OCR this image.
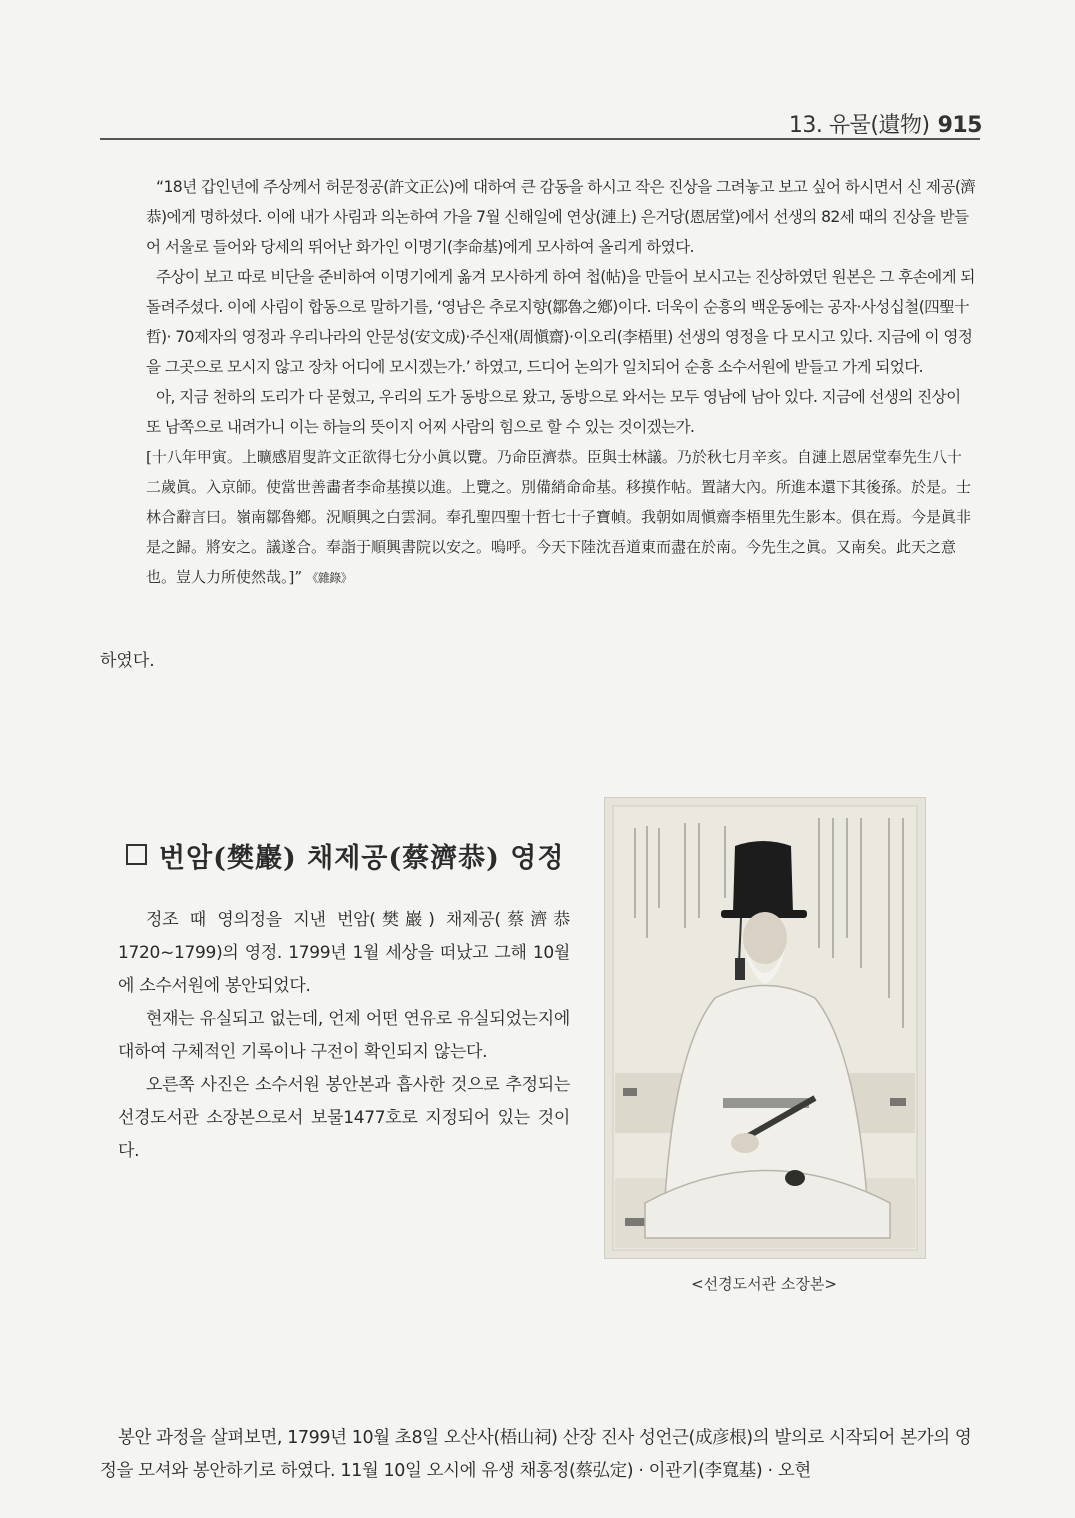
13. 유물(遺物) 915

“18년 갑인년에 주상께서 허문정공(許文正公)에 대하여 큰 감동을 하시고 작은 진상을 그려놓고 보고 싶어 하시면서 신 제공(濟恭)에게 명하셨다. 이에 내가 사림과 의논하여 가을 7월 신해일에 연상(漣上) 은거당(恩居堂)에서 선생의 82세 때의 진상을 받들어 서울로 들어와 당세의 뛰어난 화가인 이명기(李命基)에게 모사하여 올리게 하였다.

주상이 보고 따로 비단을 준비하여 이명기에게 옮겨 모사하게 하여 첩(帖)을 만들어 보시고는 진상하였던 원본은 그 후손에게 되돌려주셨다. 이에 사림이 합동으로 말하기를, ‘영남은 추로지향(鄒魯之鄕)이다. 더욱이 순흥의 백운동에는 공자·사성십철(四聖十哲)· 70제자의 영정과 우리나라의 안문성(安文成)·주신재(周愼齋)·이오리(李梧里) 선생의 영정을 다 모시고 있다. 지금에 이 영정을 그곳으로 모시지 않고 장차 어디에 모시겠는가.’ 하였고, 드디어 논의가 일치되어 순흥 소수서원에 받들고 가게 되었다.

아, 지금 천하의 도리가 다 묻혔고, 우리의 도가 동방으로 왔고, 동방으로 와서는 모두 영남에 남아 있다. 지금에 선생의 진상이 또 남쪽으로 내려가니 이는 하늘의 뜻이지 어찌 사람의 힘으로 할 수 있는 것이겠는가.

[十八年甲寅。上曠感眉叟許文正欲得七分小眞以覽。乃命臣濟恭。臣與士林議。乃於秋七月辛亥。自漣上恩居堂奉先生八十二歲眞。入京師。使當世善畵者李命基摸以進。上覽之。別備綃命命基。移摸作帖。置諸大內。所進本還下其後孫。於是。士林合辭言曰。嶺南鄒魯鄕。況順興之白雲洞。奉孔聖四聖十哲七十子寶幀。我朝如周愼齋李梧里先生影本。俱在焉。今是眞非是之歸。將安之。議遂合。奉詣于順興書院以安之。嗚呼。今天下陸沈吾道東而盡在於南。今先生之眞。又南矣。此天之意也。豈人力所使然哉。]” 《雜錄》

하였다.
번암(樊巖) 채제공(蔡濟恭) 영정

정조 때 영의정을 지낸 번암(樊巖) 채제공(蔡濟恭 1720~1799)의 영정. 1799년 1월 세상을 떠났고 그해 10월에 소수서원에 봉안되었다.

현재는 유실되고 없는데, 언제 어떤 연유로 유실되었는지에 대하여 구체적인 기록이나 구전이 확인되지 않는다.

오른쪽 사진은 소수서원 봉안본과 흡사한 것으로 추정되는 선경도서관 소장본으로서 보물1477호로 지정되어 있는 것이다.

<선경도서관 소장본>

봉안 과정을 살펴보면, 1799년 10월 초8일 오산사(梧山祠) 산장 진사 성언근(成彦根)의 발의로 시작되어 본가의 영정을 모셔와 봉안하기로 하였다. 11월 10일 오시에 유생 채홍정(蔡弘定) · 이관기(李寬基) · 오현
